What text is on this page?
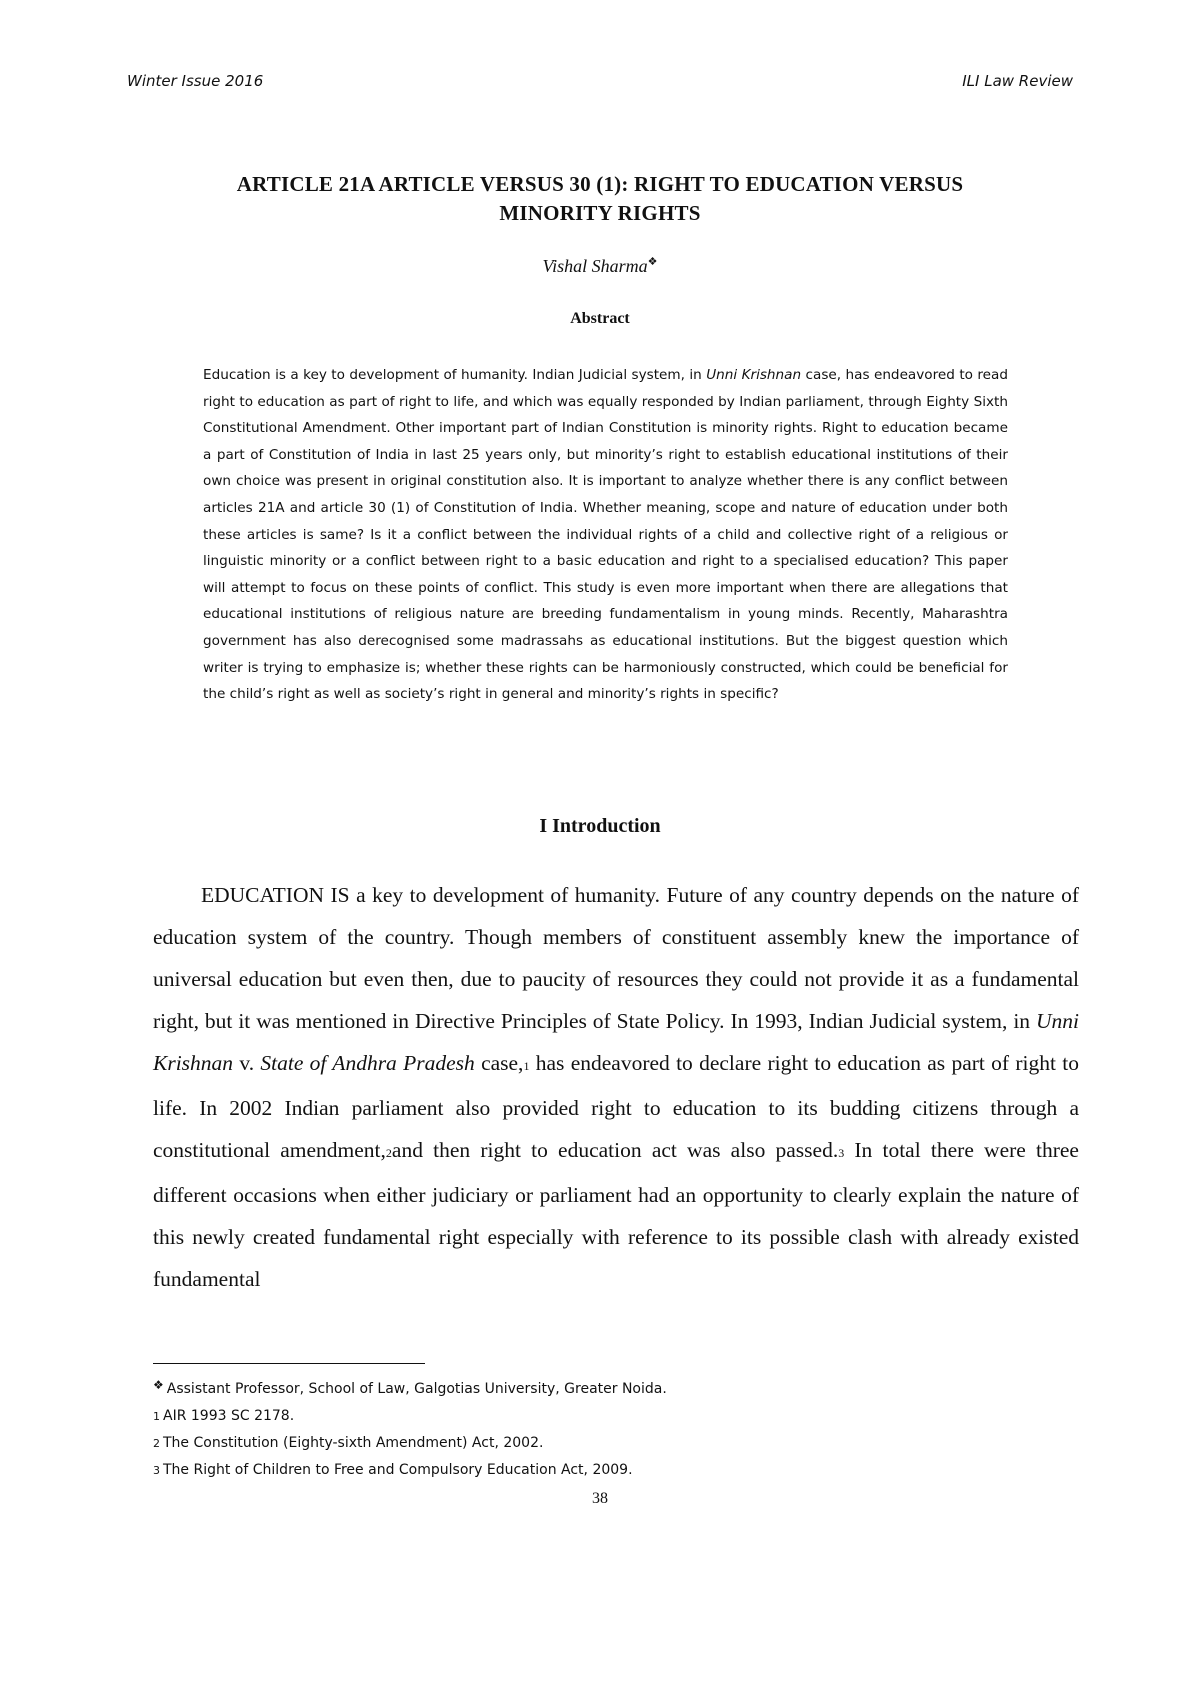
Winter Issue 2016	ILI Law Review
ARTICLE 21A ARTICLE VERSUS 30 (1): RIGHT TO EDUCATION VERSUS
MINORITY RIGHTS
Vishal Sharma❖
Abstract
Education is a key to development of humanity. Indian Judicial system, in Unni Krishnan case, has endeavored to read right to education as part of right to life, and which was equally responded by Indian parliament, through Eighty Sixth Constitutional Amendment. Other important part of Indian Constitution is minority rights. Right to education became a part of Constitution of India in last 25 years only, but minority’s right to establish educational institutions of their own choice was present in original constitution also. It is important to analyze whether there is any conflict between articles 21A and article 30 (1) of Constitution of India. Whether meaning, scope and nature of education under both these articles is same? Is it a conflict between the individual rights of a child and collective right of a religious or linguistic minority or a conflict between right to a basic education and right to a specialised education? This paper will attempt to focus on these points of conflict. This study is even more important when there are allegations that educational institutions of religious nature are breeding fundamentalism in young minds. Recently, Maharashtra government has also derecognised some madrassahs as educational institutions. But the biggest question which writer is trying to emphasize is; whether these rights can be harmoniously constructed, which could be beneficial for the child’s right as well as society’s right in general and minority’s rights in specific?
I Introduction
EDUCATION IS a key to development of humanity. Future of any country depends on the nature of education system of the country. Though members of constituent assembly knew the importance of universal education but even then, due to paucity of resources they could not provide it as a fundamental right, but it was mentioned in Directive Principles of State Policy. In 1993, Indian Judicial system, in Unni Krishnan v. State of Andhra Pradesh case,1 has endeavored to declare right to education as part of right to life. In 2002 Indian parliament also provided right to education to its budding citizens through a constitutional amendment,2and then right to education act was also passed.3 In total there were three different occasions when either judiciary or parliament had an opportunity to clearly explain the nature of this newly created fundamental right especially with reference to its possible clash with already existed fundamental
❖ Assistant Professor, School of Law, Galgotias University, Greater Noida.
1 AIR 1993 SC 2178.
2 The Constitution (Eighty-sixth Amendment) Act, 2002.
3 The Right of Children to Free and Compulsory Education Act, 2009.
38
